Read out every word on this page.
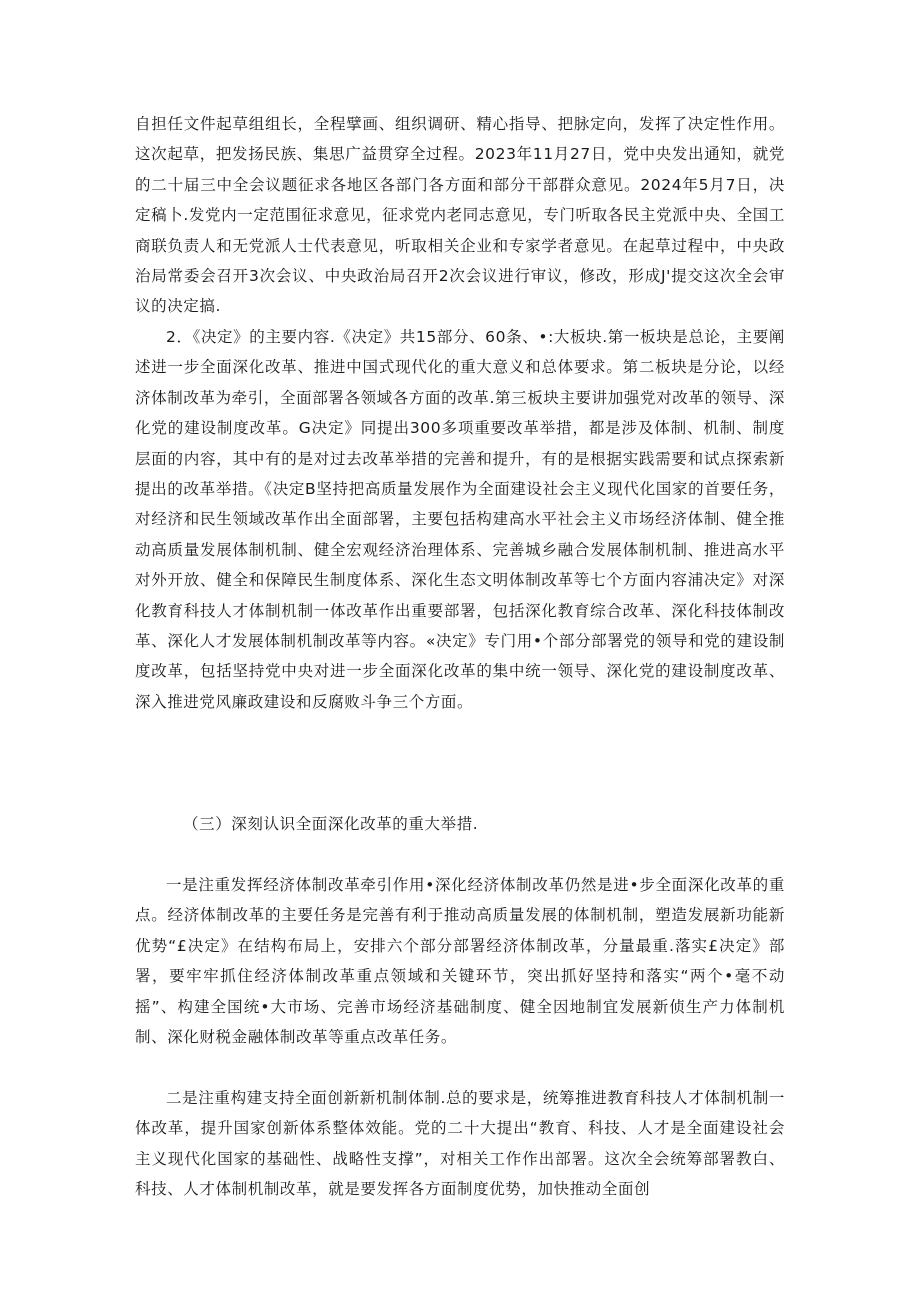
自担任文件起草组组长，全程擘画、组织调研、精心指导、把脉定向，发挥了决定性作用。这次起草，把发扬民族、集思广益贯穿全过程。2023年11月27日，党中央发出通知，就党的二十届三中全会议题征求各地区各部门各方面和部分干部群众意见。2024年5月7日，决定稿卜.发党内一定范围征求意见，征求党内老同志意见，专门听取各民主党派中央、全国工商联负责人和无党派人士代表意见，听取相关企业和专家学者意见。在起草过程中，中央政治局常委会召开3次会议、中央政治局召开2次会议进行审议，修改，形成J'提交这次全会审议的决定搞.

2．《决定》的主要内容.《决定》共15部分、60条、•:大板块.第一板块是总论，主要阐述进一步全面深化改革、推进中国式现代化的重大意义和总体要求。第二板块是分论，以经济体制改革为牵引，全面部署各领域各方面的改革.第三板块主要讲加强党对改革的领导、深化党的建设制度改革。G决定》同提出300多项重要改革举措，都是涉及体制、机制、制度层面的内容，其中有的是对过去改革举措的完善和提升，有的是根据实践需要和试点探索新提出的改革举措。《决定B坚持把高质量发展作为全面建设社会主义现代化国家的首要任务，对经济和民生领域改革作出全面部署，主要包括构建高水平社会主义市场经济体制、健全推动高质量发展体制机制、健全宏观经济治理体系、完善城乡融合发展体制机制、推进高水平对外开放、健全和保障民生制度体系、深化生态文明体制改革等七个方面内容浦决定》对深化教育科技人才体制机制一体改革作出重要部署，包括深化教育综合改革、深化科技体制改革、深化人才发展体制机制改革等内容。«决定》专门用•个部分部署党的领导和党的建设制度改革，包括坚持党中央对进一步全面深化改革的集中统一领导、深化党的建设制度改革、深入推进党风廉政建设和反腐败斗争三个方面。

（三）深刻认识全面深化改革的重大举措.

一是注重发挥经济体制改革牵引作用•深化经济体制改革仍然是进•步全面深化改革的重点。经济体制改革的主要任务是完善有利于推动高质量发展的体制机制，塑造发展新功能新优势“£决定》在结构布局上，安排六个部分部署经济体制改革，分量最重.落实£决定》部署，要牢牢抓住经济体制改革重点领域和关键环节，突出抓好坚持和落实“两个•毫不动摇”、构建全国统•大市场、完善市场经济基础制度、健全因地制宜发展新侦生产力体制机制、深化财税金融体制改革等重点改革任务。

二是注重构建支持全面创新新机制体制.总的要求是，统筹推进教育科技人才体制机制一体改革，提升国家创新体系整体效能。党的二十大提出“教育、科技、人才是全面建设社会主义现代化国家的基础性、战略性支撑”，对相关工作作出部署。这次全会统筹部署教白、科技、人才体制机制改革，就是要发挥各方面制度优势，加快推动全面创
